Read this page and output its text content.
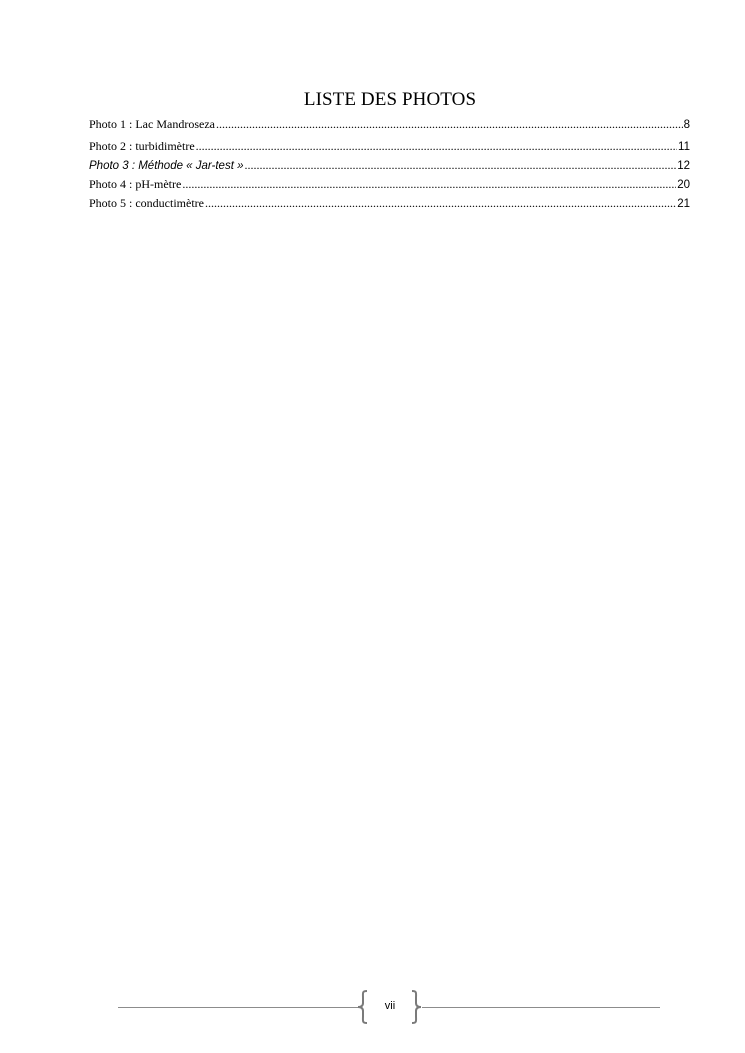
LISTE DES PHOTOS
Photo 1 : Lac Mandroseza .....	8
Photo 2 : turbidimètre .....	11
Photo 3 : Méthode « Jar-test » .....	12
Photo 4 : pH-mètre .....	20
Photo 5 : conductimètre .....	21
vii
